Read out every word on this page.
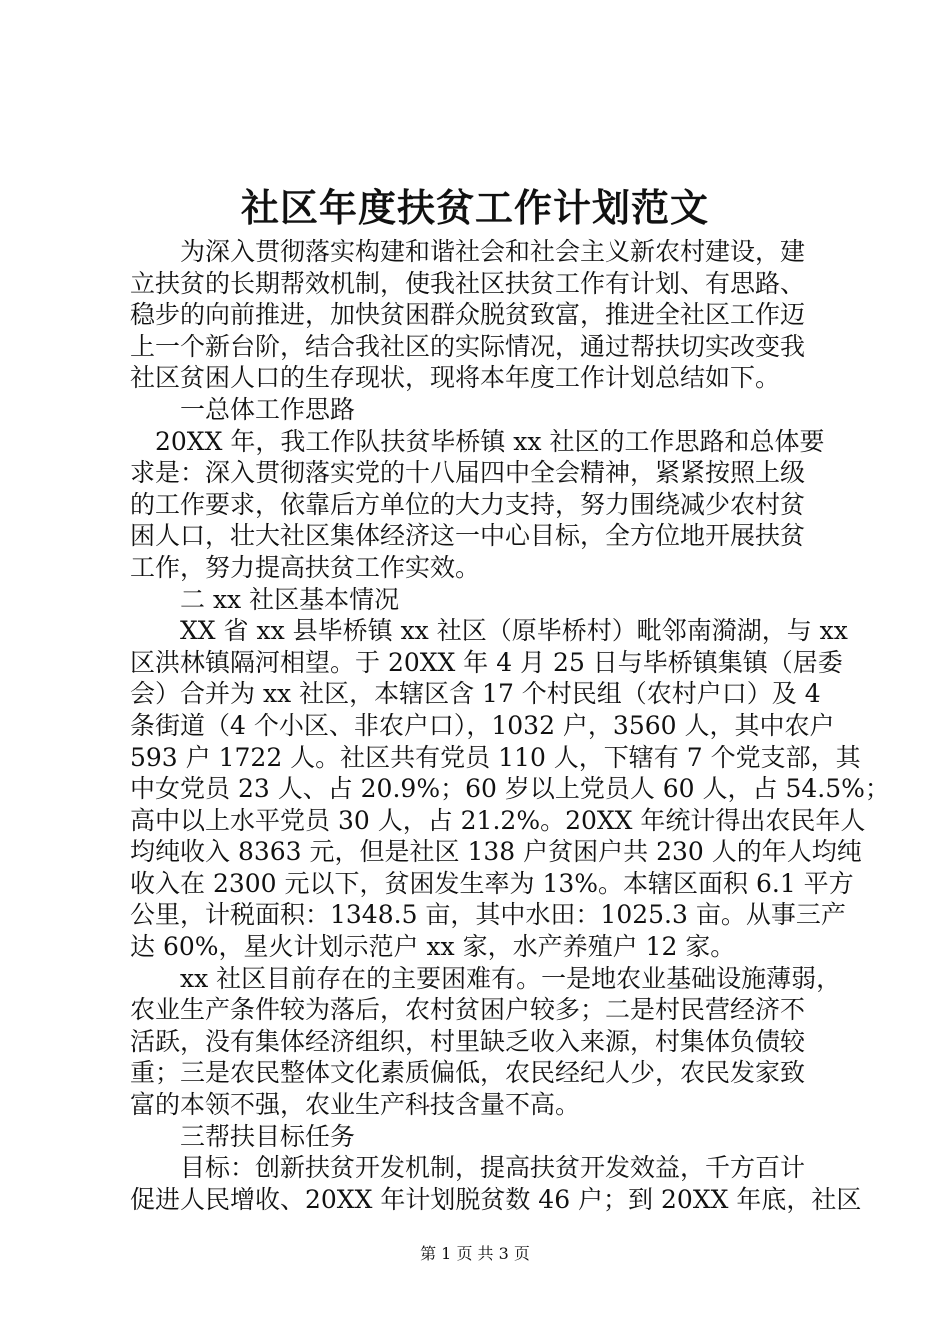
社区年度扶贫工作计划范文
　　为深入贯彻落实构建和谐社会和社会主义新农村建设，建
立扶贫的长期帮效机制，使我社区扶贫工作有计划、有思路、
稳步的向前推进，加快贫困群众脱贫致富，推进全社区工作迈
上一个新台阶，结合我社区的实际情况，通过帮扶切实改变我
社区贫困人口的生存现状，现将本年度工作计划总结如下。
　　一总体工作思路
　20XX 年，我工作队扶贫毕桥镇 xx 社区的工作思路和总体要
求是：深入贯彻落实党的十八届四中全会精神，紧紧按照上级
的工作要求，依靠后方单位的大力支持，努力围绕减少农村贫
困人口，壮大社区集体经济这一中心目标，全方位地开展扶贫
工作，努力提高扶贫工作实效。
　　二 xx 社区基本情况
　　XX 省 xx 县毕桥镇 xx 社区（原毕桥村）毗邻南漪湖，与 xx
区洪林镇隔河相望。于 20XX 年 4 月 25 日与毕桥镇集镇（居委
会）合并为 xx 社区，本辖区含 17 个村民组（农村户口）及 4
条街道（4 个小区、非农户口），1032 户，3560 人，其中农户
593 户 1722 人。社区共有党员 110 人，下辖有 7 个党支部，其
中女党员 23 人、占 20.9%；60 岁以上党员人 60 人，占 54.5%；
高中以上水平党员 30 人，占 21.2%。20XX 年统计得出农民年人
均纯收入 8363 元，但是社区 138 户贫困户共 230 人的年人均纯
收入在 2300 元以下，贫困发生率为 13%。本辖区面积 6.1 平方
公里，计税面积：1348.5 亩，其中水田：1025.3 亩。从事三产
达 60%，星火计划示范户 xx 家，水产养殖户 12 家。
　　xx 社区目前存在的主要困难有。一是地农业基础设施薄弱，
农业生产条件较为落后，农村贫困户较多；二是村民营经济不
活跃，没有集体经济组织，村里缺乏收入来源，村集体负债较
重；三是农民整体文化素质偏低，农民经纪人少，农民发家致
富的本领不强，农业生产科技含量不高。
　　三帮扶目标任务
　　目标：创新扶贫开发机制，提高扶贫开发效益，千方百计
促进人民增收、20XX 年计划脱贫数 46 户；到 20XX 年底，社区
第 1 页 共 3 页
